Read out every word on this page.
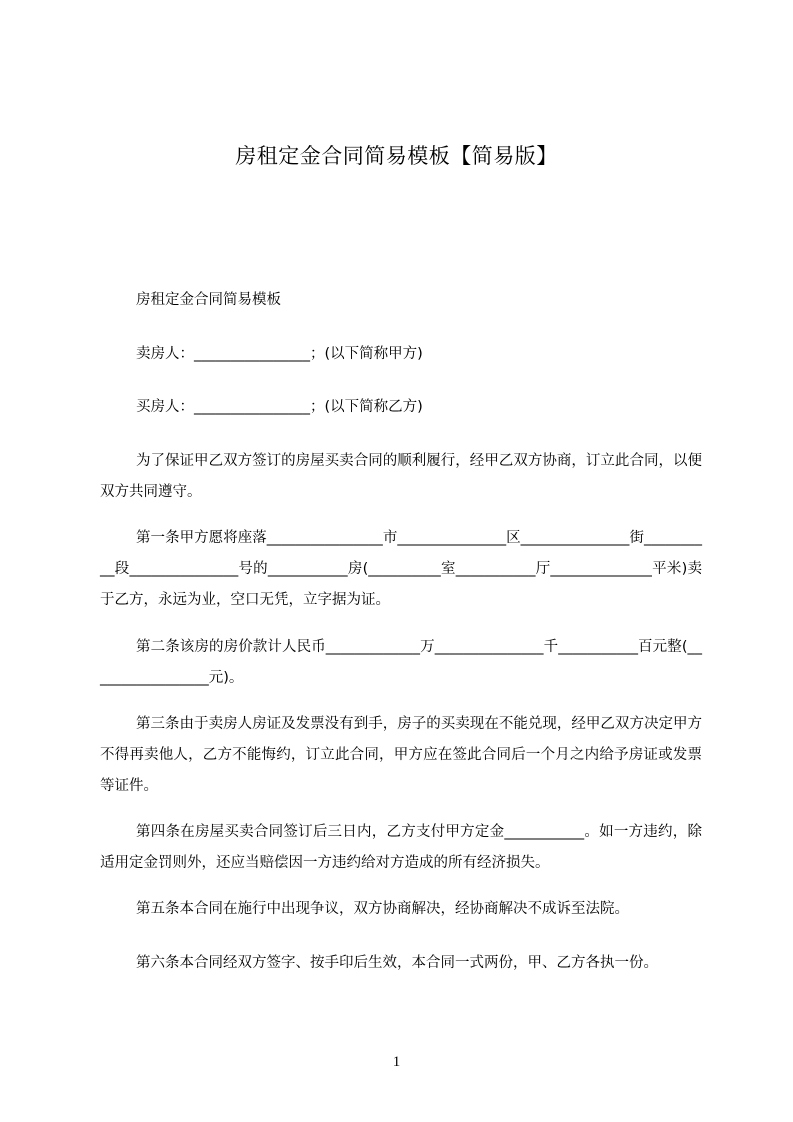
房租定金合同简易模板【简易版】
房租定金合同简易模板
卖房人：________________；(以下简称甲方)
买房人：________________；(以下简称乙方)
为了保证甲乙双方签订的房屋买卖合同的顺利履行，经甲乙双方协商，订立此合同，以便双方共同遵守。
第一条甲方愿将座落________________市_______________区_______________街__________段_______________号的___________房(__________室___________厅______________平米)卖于乙方，永远为业，空口无凭，立字据为证。
第二条该房的房价款计人民币_____________万_______________千___________百元整(_________________元)。
第三条由于卖房人房证及发票没有到手，房子的买卖现在不能兑现，经甲乙双方决定甲方不得再卖他人，乙方不能悔约，订立此合同，甲方应在签此合同后一个月之内给予房证或发票等证件。
第四条在房屋买卖合同签订后三日内，乙方支付甲方定金___________。如一方违约，除适用定金罚则外，还应当赔偿因一方违约给对方造成的所有经济损失。
第五条本合同在施行中出现争议，双方协商解决，经协商解决不成诉至法院。
第六条本合同经双方签字、按手印后生效，本合同一式两份，甲、乙方各执一份。
1
